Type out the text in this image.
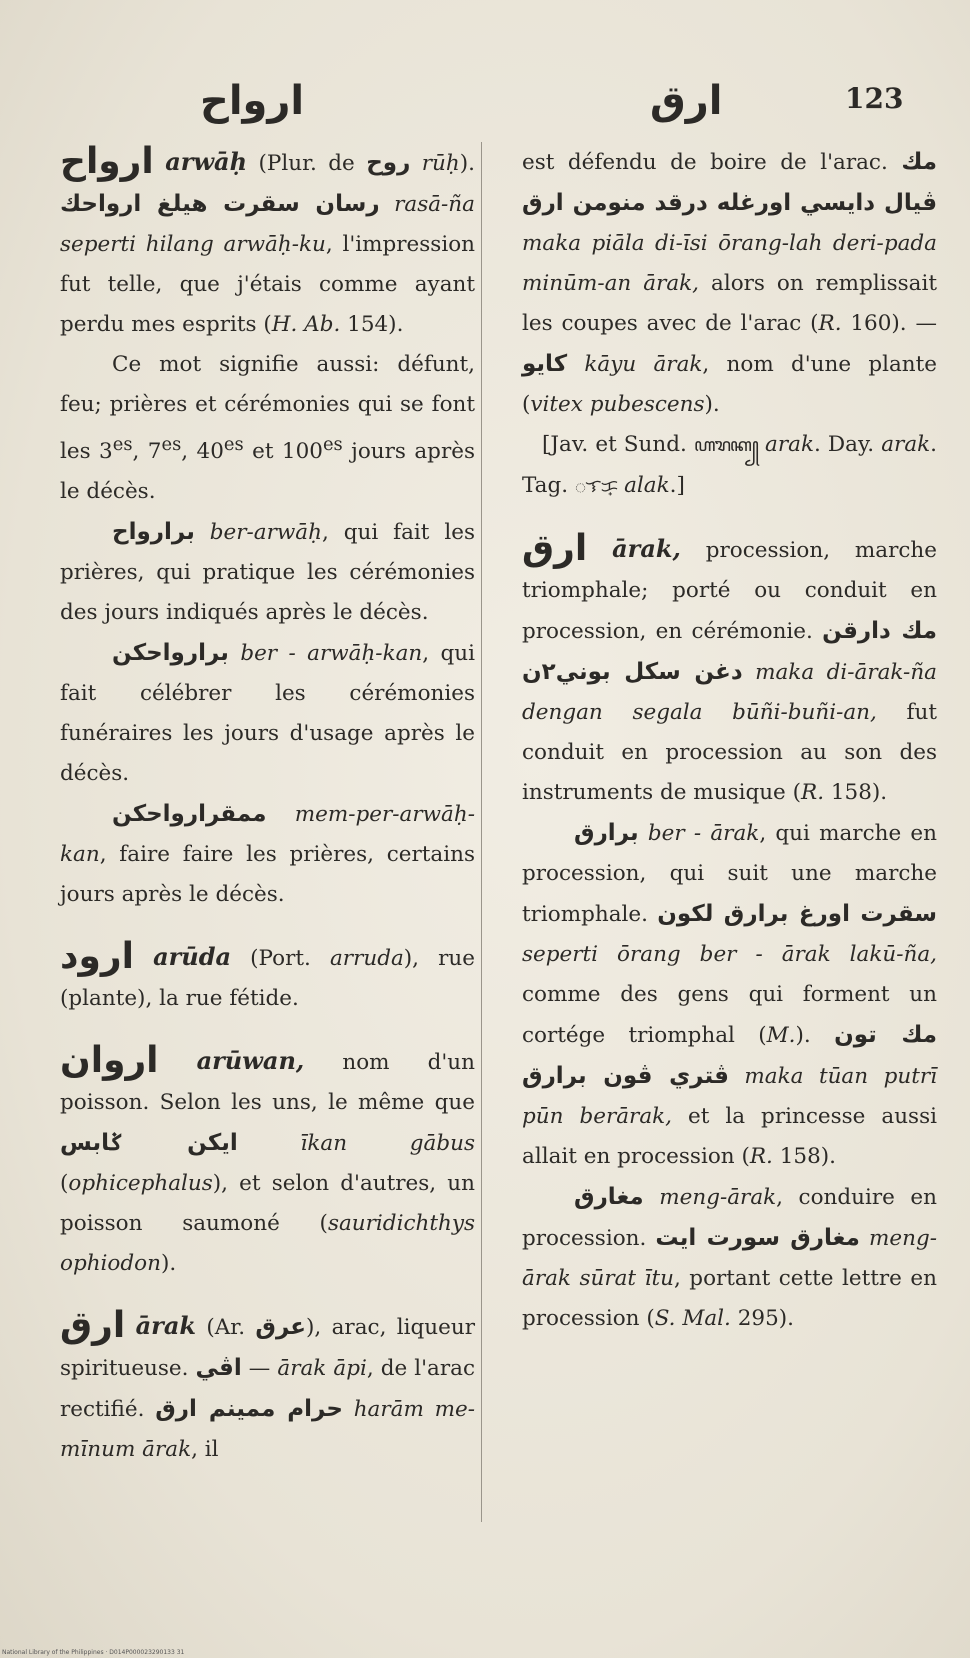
ارواح	ارق	123

ارواح arwāḥ (Plur. de روح rūḥ). رسان سقرت هيلغ ارواحك rasā-ña seperti hilang arwāḥ-ku, l'impression fut telle, que j'étais comme ayant perdu mes esprits (H. Ab. 154).

Ce mot signifie aussi: défunt, feu; prières et cérémonies qui se font les $3^{es}$, $7^{es}$, $40^{es}$ et $100^{es}$ jours après le décès.

برارواح ber-arwāḥ, qui fait les prières, qui pratique les cérémonies des jours indiqués après le décès.

برارواحكن ber - arwāḥ-kan, qui fait célébrer les cérémonies funéraires les jours d'usage après le décès.

ممقرارواحكن mem-per-arwāḥ-kan, faire faire les prières, certains jours après le décès.

ارود arūda (Port. arruda), rue (plante), la rue fétide.

اروان arūwan, nom d'un poisson. Selon les uns, le même que ايكن ݢابس	īkan gābus (ophicephalus), et selon d'autres, un poisson saumoné (sauridichthys ophiodon).

ارق ārak (Ar. عرق), arac, liqueur spiritueuse. اڤي — ārak āpi, de l'arac rectifié. حرام ممينم ارق harām me-mīnum ārak, il

est défendu de boire de l'arac. مك ڤيال دايسي اورغله درقد منومن ارق maka piāla di-īsi ōrang-lah deri-pada minūm-an ārak, alors on remplissait les coupes avec de l'arac (R. 160). — كايو kāyu ārak, nom d'une plante (vitex pubescens).

[Jav. et Sund. ꦲꦫꦏ꧀ arak. Day. arak. Tag. ᜀᜎᜃ᜔ alak.]

ارق ārak, procession, marche triomphale; porté ou conduit en procession, en cérémonie. مك دارقن دغن سکل بوني٢ن maka di-ārak-ña dengan segala būñi-buñi-an, fut conduit en procession au son des instruments de musique (R. 158).

برارق ber - ārak, qui marche en procession, qui suit une marche triomphale. سقرت اورغ برارق لکون seperti ōrang ber - ārak lakū-ña, comme des gens qui forment un cortége triomphal (M.). مك تون ڤتري ڤون برارق maka tūan putrī pūn berārak, et la princesse aussi allait en procession (R. 158).

مغارق meng-ārak, conduire en procession. مغارق سورت ايت meng-ārak sūrat ītu, portant cette lettre en procession (S. Mal. 295).

National Library of the Philippines · D014P000023290133 31
